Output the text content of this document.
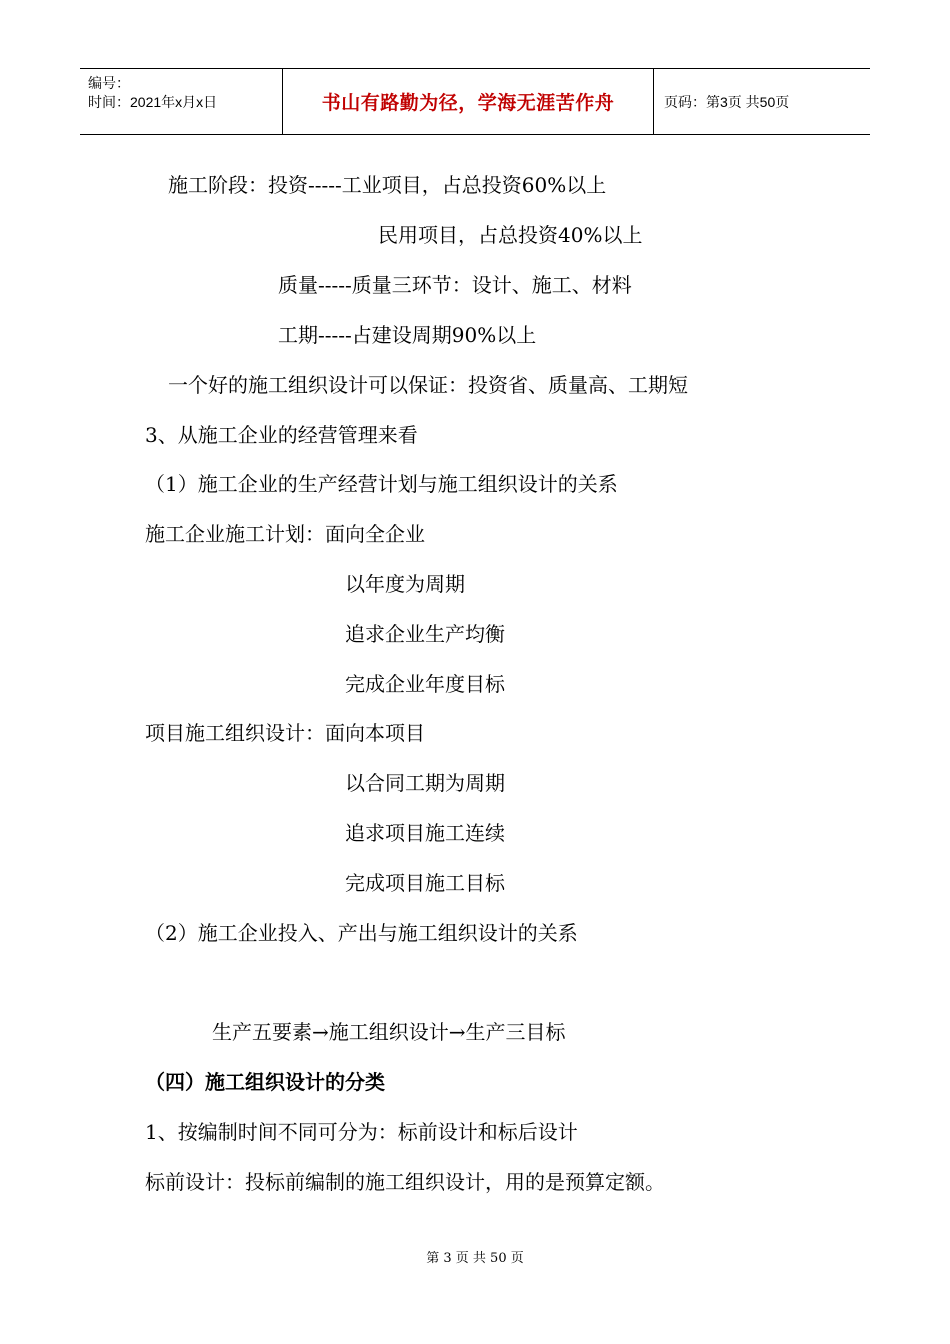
编号：
时间：2021年x月x日	书山有路勤为径，学海无涯苦作舟	页码：第3页 共50页
施工阶段：投资-----工业项目，占总投资60%以上
民用项目，占总投资40%以上
质量-----质量三环节：设计、施工、材料
工期-----占建设周期90%以上
一个好的施工组织设计可以保证：投资省、质量高、工期短
3、从施工企业的经营管理来看
（1）施工企业的生产经营计划与施工组织设计的关系
施工企业施工计划：面向全企业
以年度为周期
追求企业生产均衡
完成企业年度目标
项目施工组织设计：面向本项目
以合同工期为周期
追求项目施工连续
完成项目施工目标
（2）施工企业投入、产出与施工组织设计的关系
生产五要素→施工组织设计→生产三目标
（四）施工组织设计的分类
1、按编制时间不同可分为：标前设计和标后设计
标前设计：投标前编制的施工组织设计，用的是预算定额。
第 3 页 共 50 页
